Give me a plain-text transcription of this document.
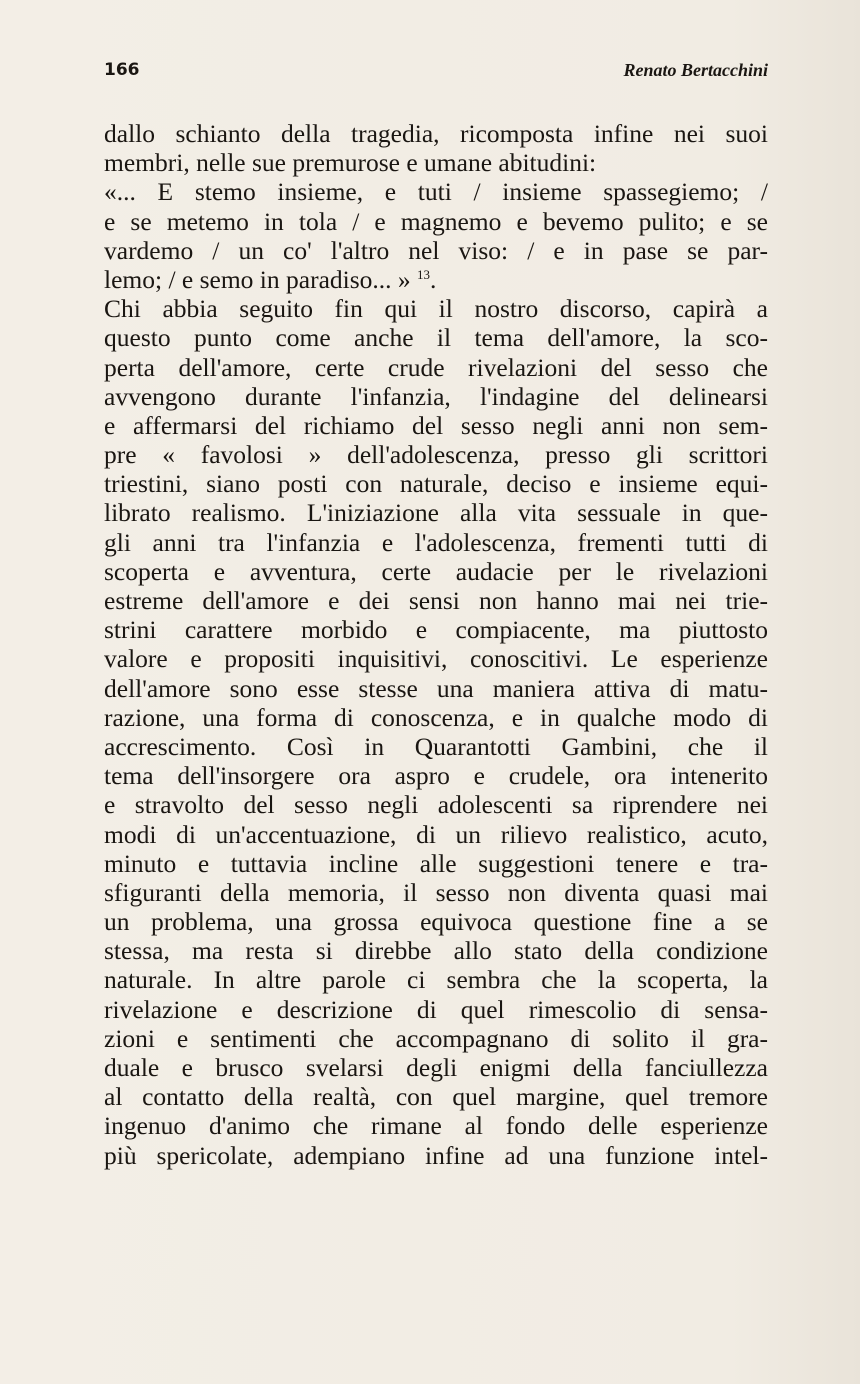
166	Renato Bertacchini
dallo schianto della tragedia, ricomposta infine nei suoi
membri, nelle sue premurose e umane abitudini:
«... E stemo insieme, e tuti / insieme spassegiemo; /
e se metemo in tola / e magnemo e bevemo pulito; e se
vardemo / un co' l'altro nel viso: / e in pase se par-
lemo; / e semo in paradiso... » $^{13}$.
Chi abbia seguito fin qui il nostro discorso, capirà a
questo punto come anche il tema dell'amore, la sco-
perta dell'amore, certe crude rivelazioni del sesso che
avvengono durante l'infanzia, l'indagine del delinearsi
e affermarsi del richiamo del sesso negli anni non sem-
pre « favolosi » dell'adolescenza, presso gli scrittori
triestini, siano posti con naturale, deciso e insieme equi-
librato realismo. L'iniziazione alla vita sessuale in que-
gli anni tra l'infanzia e l'adolescenza, frementi tutti di
scoperta e avventura, certe audacie per le rivelazioni
estreme dell'amore e dei sensi non hanno mai nei trie-
strini carattere morbido e compiacente, ma piuttosto
valore e propositi inquisitivi, conoscitivi. Le esperienze
dell'amore sono esse stesse una maniera attiva di matu-
razione, una forma di conoscenza, e in qualche modo di
accrescimento. Così in Quarantotti Gambini, che il
tema dell'insorgere ora aspro e crudele, ora intenerito
e stravolto del sesso negli adolescenti sa riprendere nei
modi di un'accentuazione, di un rilievo realistico, acuto,
minuto e tuttavia incline alle suggestioni tenere e tra-
sfiguranti della memoria, il sesso non diventa quasi mai
un problema, una grossa equivoca questione fine a se
stessa, ma resta si direbbe allo stato della condizione
naturale. In altre parole ci sembra che la scoperta, la
rivelazione e descrizione di quel rimescolio di sensa-
zioni e sentimenti che accompagnano di solito il gra-
duale e brusco svelarsi degli enigmi della fanciullezza
al contatto della realtà, con quel margine, quel tremore
ingenuo d'animo che rimane al fondo delle esperienze
più spericolate, adempiano infine ad una funzione intel-
